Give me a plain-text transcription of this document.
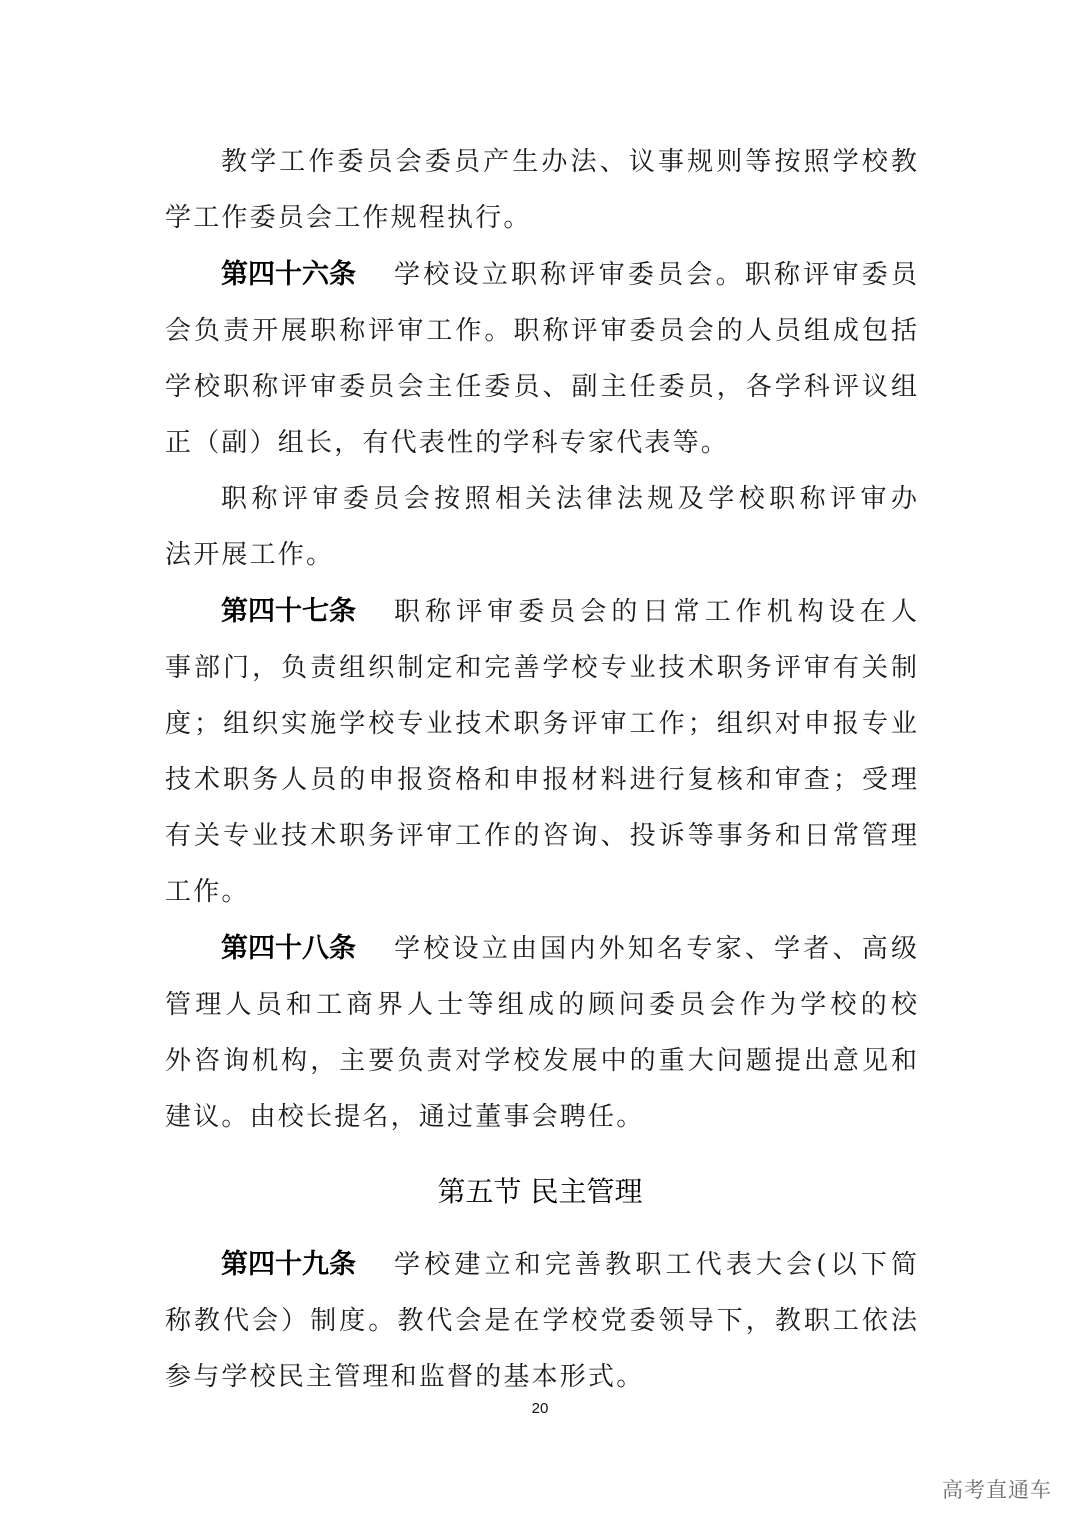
教学工作委员会委员产生办法、议事规则等按照学校教
学工作委员会工作规程执行。
第四十六条 学校设立职称评审委员会。职称评审委员
会负责开展职称评审工作。职称评审委员会的人员组成包括
学校职称评审委员会主任委员、副主任委员，各学科评议组
正（副）组长，有代表性的学科专家代表等。
职称评审委员会按照相关法律法规及学校职称评审办
法开展工作。
第四十七条 职称评审委员会的日常工作机构设在人
事部门，负责组织制定和完善学校专业技术职务评审有关制
度；组织实施学校专业技术职务评审工作；组织对申报专业
技术职务人员的申报资格和申报材料进行复核和审查；受理
有关专业技术职务评审工作的咨询、投诉等事务和日常管理
工作。
第四十八条 学校设立由国内外知名专家、学者、高级
管理人员和工商界人士等组成的顾问委员会作为学校的校
外咨询机构，主要负责对学校发展中的重大问题提出意见和
建议。由校长提名，通过董事会聘任。
第五节 民主管理
第四十九条 学校建立和完善教职工代表大会(以下简
称教代会）制度。教代会是在学校党委领导下，教职工依法
参与学校民主管理和监督的基本形式。
20
高考直通车
